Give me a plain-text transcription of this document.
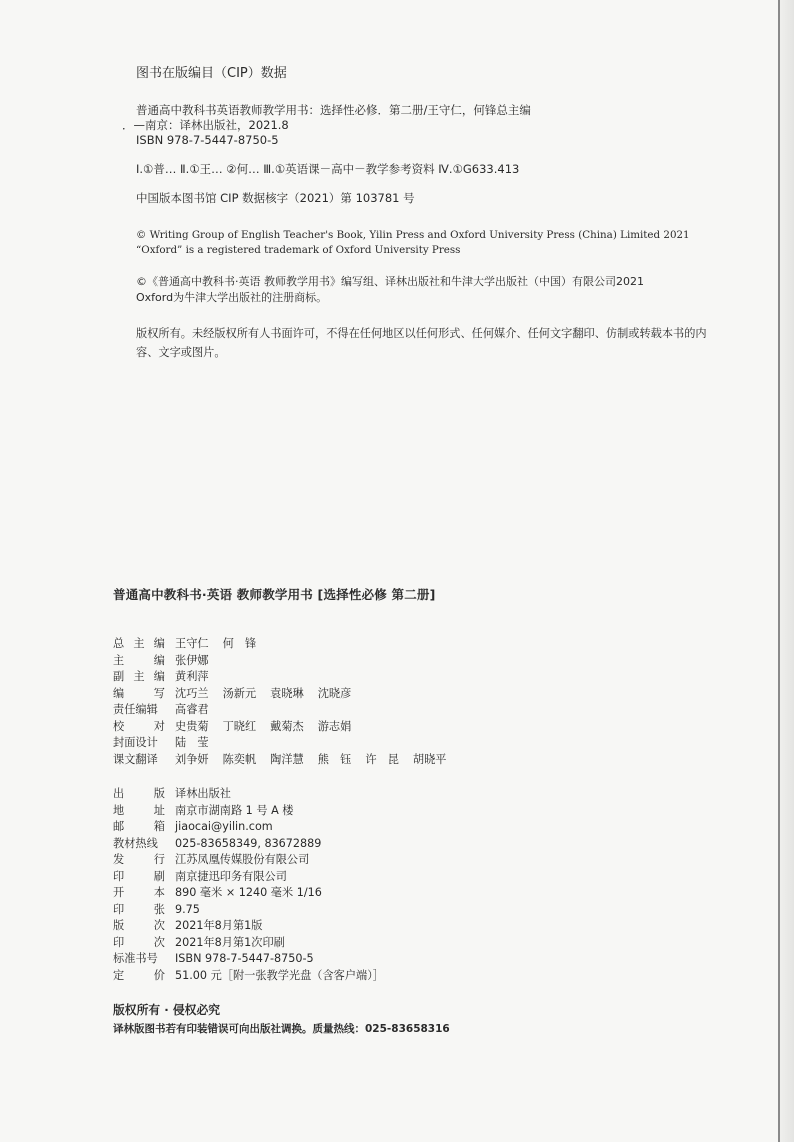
图书在版编目（CIP）数据
普通高中教科书英语教师教学用书：选择性必修．第二册/王守仁，何锋总主编
．—南京：译林出版社，2021.8
ISBN 978-7-5447-8750-5
Ⅰ.①普… Ⅱ.①王… ②何… Ⅲ.①英语课－高中－教学参考资料 Ⅳ.①G633.413
中国版本图书馆 CIP 数据核字（2021）第 103781 号
© Writing Group of English Teacher's Book, Yilin Press and Oxford University Press (China) Limited 2021
“Oxford” is a registered trademark of Oxford University Press
©《普通高中教科书·英语 教师教学用书》编写组、译林出版社和牛津大学出版社（中国）有限公司2021
Oxford为牛津大学出版社的注册商标。
版权所有。未经版权所有人书面许可，不得在任何地区以任何形式、任何媒介、任何文字翻印、仿制或转载本书的内容、文字或图片。
普通高中教科书·英语 教师教学用书 [选择性必修 第二册]
总 主 编 王守仁 何　锋
主	编 张伊娜
副 主 编 黄利萍
编	写 沈巧兰 汤新元 袁晓琳 沈晓彦
责任编辑 高睿君
校	对 史贵菊 丁晓红 戴菊杰 游志娟
封面设计 陆　莹
课文翻译 刘争妍 陈奕帆 陶洋慧 熊　钰 许　昆 胡晓平
出	版 译林出版社
地	址 南京市湖南路 1 号 A 楼
邮	箱 jiaocai@yilin.com
教材热线 025-83658349, 83672889
发	行 江苏凤凰传媒股份有限公司
印	刷 南京捷迅印务有限公司
开	本 890 毫米 × 1240 毫米 1/16
印	张 9.75
版	次 2021年8月第1版
印	次 2021年8月第1次印刷
标准书号 ISBN 978-7-5447-8750-5
定	价 51.00 元［附一张教学光盘（含客户端）］
版权所有 · 侵权必究
译林版图书若有印装错误可向出版社调换。质量热线：025-83658316
